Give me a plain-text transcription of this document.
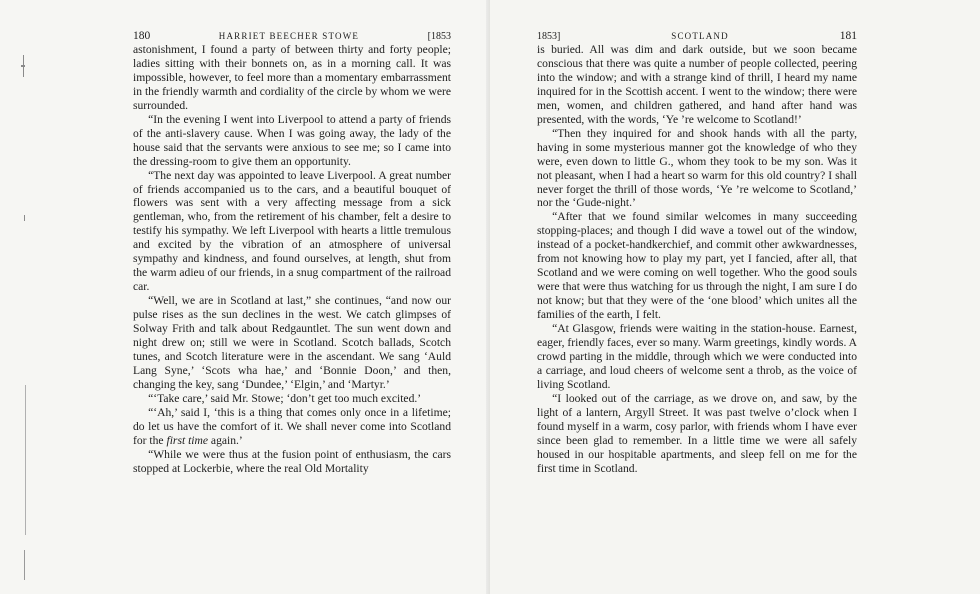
180	HARRIET BEECHER STOWE	[1853

astonishment, I found a party of between thirty and forty people; ladies sitting with their bonnets on, as in a morning call. It was impossible, however, to feel more than a momentary embarrassment in the friendly warmth and cordiality of the circle by whom we were surrounded.

“In the evening I went into Liverpool to attend a party of friends of the anti-slavery cause. When I was going away, the lady of the house said that the servants were anxious to see me; so I came into the dressing-room to give them an opportunity.

“The next day was appointed to leave Liverpool. A great number of friends accompanied us to the cars, and a beautiful bouquet of flowers was sent with a very affecting message from a sick gentleman, who, from the retirement of his chamber, felt a desire to testify his sympathy. We left Liverpool with hearts a little tremulous and excited by the vibration of an atmosphere of universal sympathy and kindness, and found ourselves, at length, shut from the warm adieu of our friends, in a snug compartment of the railroad car.

“Well, we are in Scotland at last,” she continues, “and now our pulse rises as the sun declines in the west. We catch glimpses of Solway Frith and talk about Redgauntlet. The sun went down and night drew on; still we were in Scotland. Scotch ballads, Scotch tunes, and Scotch literature were in the ascendant. We sang ‘Auld Lang Syne,’ ‘Scots wha hae,’ and ‘Bonnie Doon,’ and then, changing the key, sang ‘Dundee,’ ‘Elgin,’ and ‘Martyr.’

“‘Take care,’ said Mr. Stowe; ‘don’t get too much excited.’

“‘Ah,’ said I, ‘this is a thing that comes only once in a lifetime; do let us have the comfort of it. We shall never come into Scotland for the first time again.’

“While we were thus at the fusion point of enthusiasm, the cars stopped at Lockerbie, where the real Old Mortality

1853]	SCOTLAND	181

is buried. All was dim and dark outside, but we soon became conscious that there was quite a number of people collected, peering into the window; and with a strange kind of thrill, I heard my name inquired for in the Scottish accent. I went to the window; there were men, women, and children gathered, and hand after hand was presented, with the words, ‘Ye ’re welcome to Scotland!’

“Then they inquired for and shook hands with all the party, having in some mysterious manner got the knowledge of who they were, even down to little G., whom they took to be my son. Was it not pleasant, when I had a heart so warm for this old country? I shall never forget the thrill of those words, ‘Ye ’re welcome to Scotland,’ nor the ‘Gude-night.’

“After that we found similar welcomes in many succeeding stopping-places; and though I did wave a towel out of the window, instead of a pocket-handkerchief, and commit other awkwardnesses, from not knowing how to play my part, yet I fancied, after all, that Scotland and we were coming on well together. Who the good souls were that were thus watching for us through the night, I am sure I do not know; but that they were of the ‘one blood’ which unites all the families of the earth, I felt.

“At Glasgow, friends were waiting in the station-house. Earnest, eager, friendly faces, ever so many. Warm greetings, kindly words. A crowd parting in the middle, through which we were conducted into a carriage, and loud cheers of welcome sent a throb, as the voice of living Scotland.

“I looked out of the carriage, as we drove on, and saw, by the light of a lantern, Argyll Street. It was past twelve o’clock when I found myself in a warm, cosy parlor, with friends whom I have ever since been glad to remember. In a little time we were all safely housed in our hospitable apartments, and sleep fell on me for the first time in Scotland.
